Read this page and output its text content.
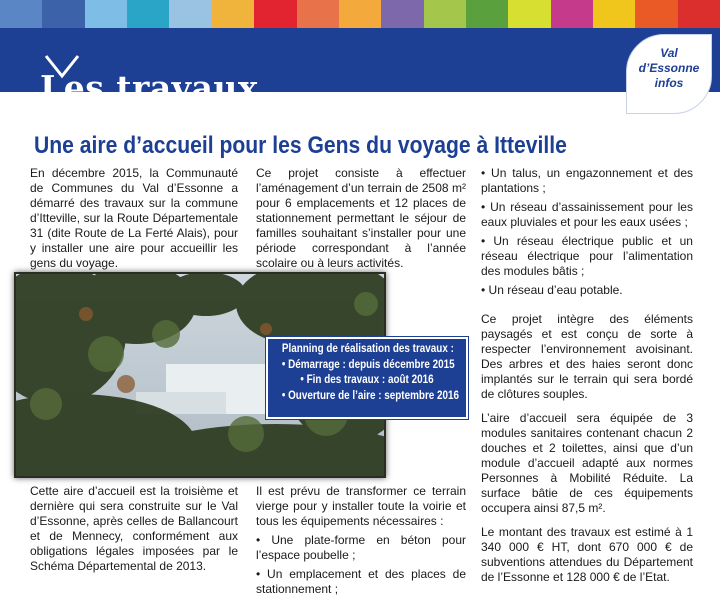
Les travaux
Val
d’Essonne
infos
Une aire d’accueil pour les Gens du voyage à Itteville

En décembre 2015, la Communauté de Communes du Val d’Essonne a démarré des travaux sur la commune d’Itteville, sur la Route Départementale 31 (dite Route de La Ferté Alais), pour y installer une aire pour accueillir les gens du voyage.

Ce projet consiste à effectuer l’aménagement d’un terrain de 2508 m² pour 6 emplacements et 12 places de stationnement permettant le séjour de familles souhaitant s’installer pour une période correspondant à l’année scolaire ou à leurs activités.

• Un talus, un engazonnement et des plantations ;
• Un réseau d’assainissement pour les eaux pluviales et pour les eaux usées ;
• Un réseau électrique public et un réseau électrique pour l’alimentation des modules bâtis ;
• Un réseau d’eau potable.

Ce projet intègre des éléments paysagés et est conçu de sorte à respecter l’environnement avoisinant. Des arbres et des haies seront donc implantés sur le terrain qui sera bordé de clôtures souples.

L’aire d’accueil sera équipée de 3 modules sanitaires contenant chacun 2 douches et 2 toilettes, ainsi que d’un module d’accueil adapté aux normes Personnes à Mobilité Réduite. La surface bâtie de ces équipements occupera ainsi 87,5 m².

Le montant des travaux est estimé à 1 340 000 € HT, dont 670 000 € de subventions attendues du Département de l’Essonne et 128 000 € de l’Etat.

Planning de réalisation des travaux :
• Démarrage : depuis décembre 2015
• Fin des travaux : août 2016
• Ouverture de l’aire : septembre 2016

Cette aire d’accueil est la troisième et dernière qui sera construite sur le Val d’Essonne, après celles de Ballancourt et de Mennecy, conformément aux obligations légales imposées par le Schéma Départemental de 2013.

Il est prévu de transformer ce terrain vierge pour y installer toute la voirie et tous les équipements nécessaires :

• Une plate-forme en béton pour l’espace poubelle ;
• Un emplacement et des places de stationnement ;
